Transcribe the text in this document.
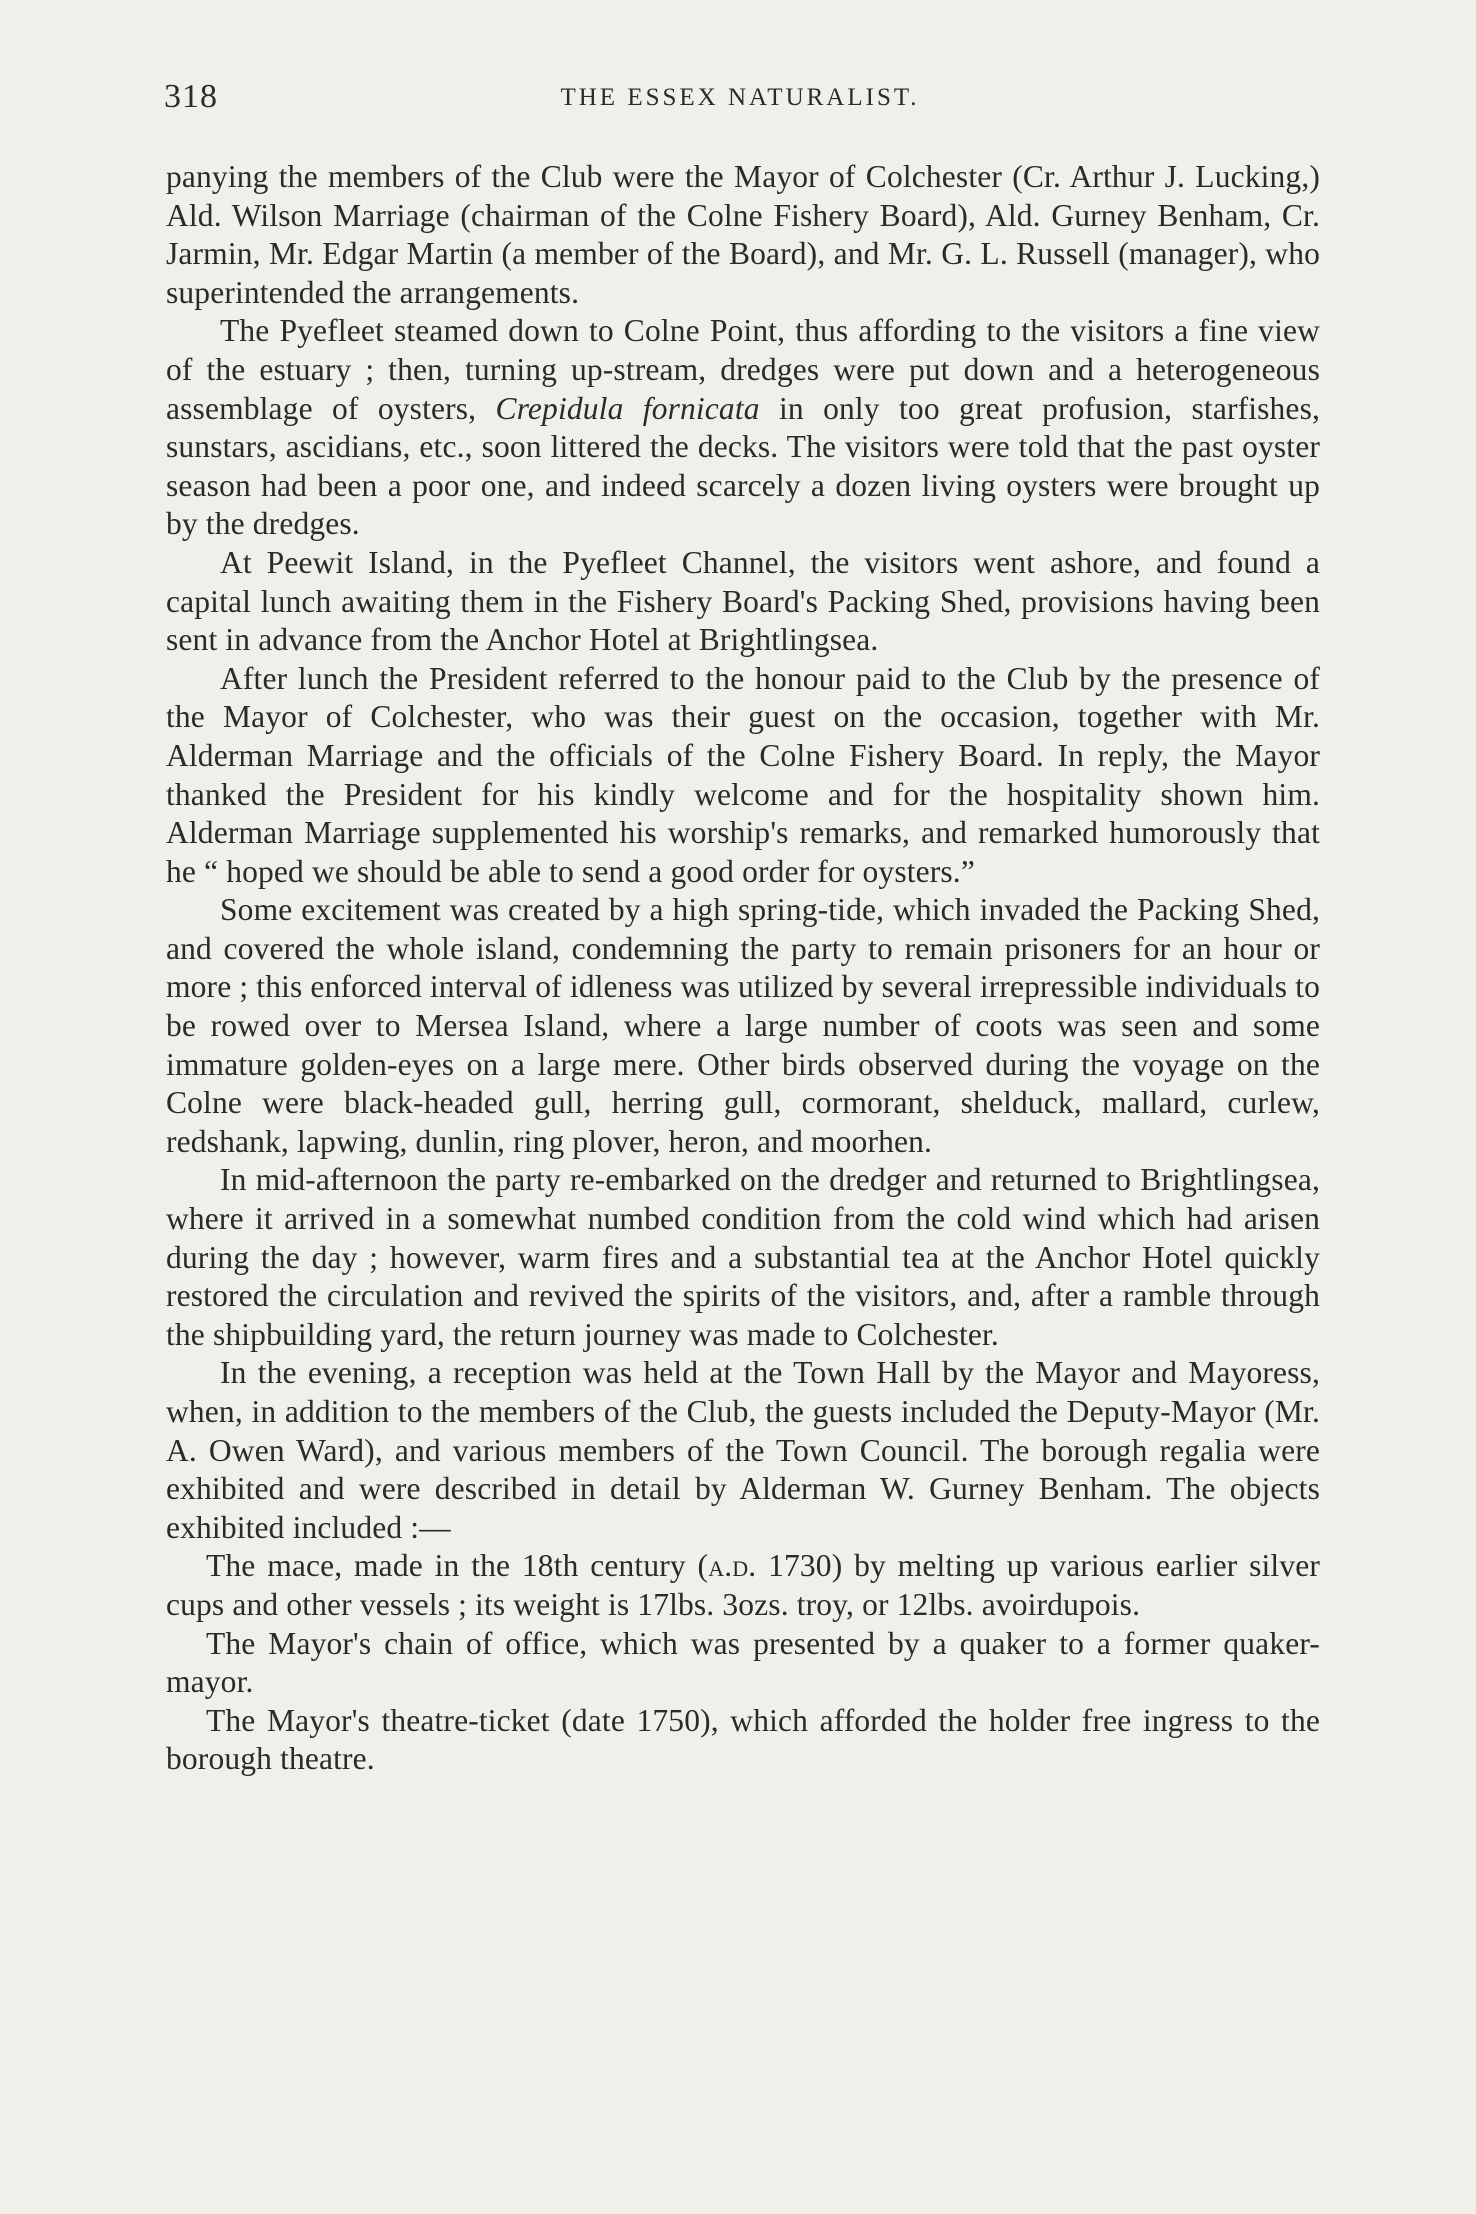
318	THE ESSEX NATURALIST.

panying the members of the Club were the Mayor of Colchester (Cr. Arthur J. Lucking,) Ald. Wilson Marriage (chairman of the Colne Fishery Board), Ald. Gurney Benham, Cr. Jarmin, Mr. Edgar Martin (a member of the Board), and Mr. G. L. Russell (manager), who superintended the arrangements.

The Pyefleet steamed down to Colne Point, thus affording to the visitors a fine view of the estuary ; then, turning up-stream, dredges were put down and a heterogeneous assemblage of oysters, Crepidula fornicata in only too great profusion, starfishes, sunstars, ascidians, etc., soon littered the decks. The visitors were told that the past oyster season had been a poor one, and indeed scarcely a dozen living oysters were brought up by the dredges.

At Peewit Island, in the Pyefleet Channel, the visitors went ashore, and found a capital lunch awaiting them in the Fishery Board's Packing Shed, provisions having been sent in advance from the Anchor Hotel at Brightlingsea.

After lunch the President referred to the honour paid to the Club by the presence of the Mayor of Colchester, who was their guest on the occasion, together with Mr. Alderman Marriage and the officials of the Colne Fishery Board. In reply, the Mayor thanked the President for his kindly welcome and for the hospitality shown him. Alderman Marriage supplemented his worship's remarks, and remarked humorously that he “ hoped we should be able to send a good order for oysters.”

Some excitement was created by a high spring-tide, which invaded the Packing Shed, and covered the whole island, condemning the party to remain prisoners for an hour or more ; this enforced interval of idleness was utilized by several irrepressible individuals to be rowed over to Mersea Island, where a large number of coots was seen and some immature golden-eyes on a large mere. Other birds observed during the voyage on the Colne were black-headed gull, herring gull, cormorant, shelduck, mallard, curlew, redshank, lapwing, dunlin, ring plover, heron, and moorhen.

In mid-afternoon the party re-embarked on the dredger and returned to Brightlingsea, where it arrived in a somewhat numbed condition from the cold wind which had arisen during the day ; however, warm fires and a substantial tea at the Anchor Hotel quickly restored the circulation and revived the spirits of the visitors, and, after a ramble through the shipbuilding yard, the return journey was made to Colchester.

In the evening, a reception was held at the Town Hall by the Mayor and Mayoress, when, in addition to the members of the Club, the guests included the Deputy-Mayor (Mr. A. Owen Ward), and various members of the Town Council. The borough regalia were exhibited and were described in detail by Alderman W. Gurney Benham. The objects exhibited included :—

The mace, made in the 18th century (a.d. 1730) by melting up various earlier silver cups and other vessels ; its weight is 17lbs. 3ozs. troy, or 12lbs. avoirdupois.

The Mayor's chain of office, which was presented by a quaker to a former quaker-mayor.

The Mayor's theatre-ticket (date 1750), which afforded the holder free ingress to the borough theatre.
